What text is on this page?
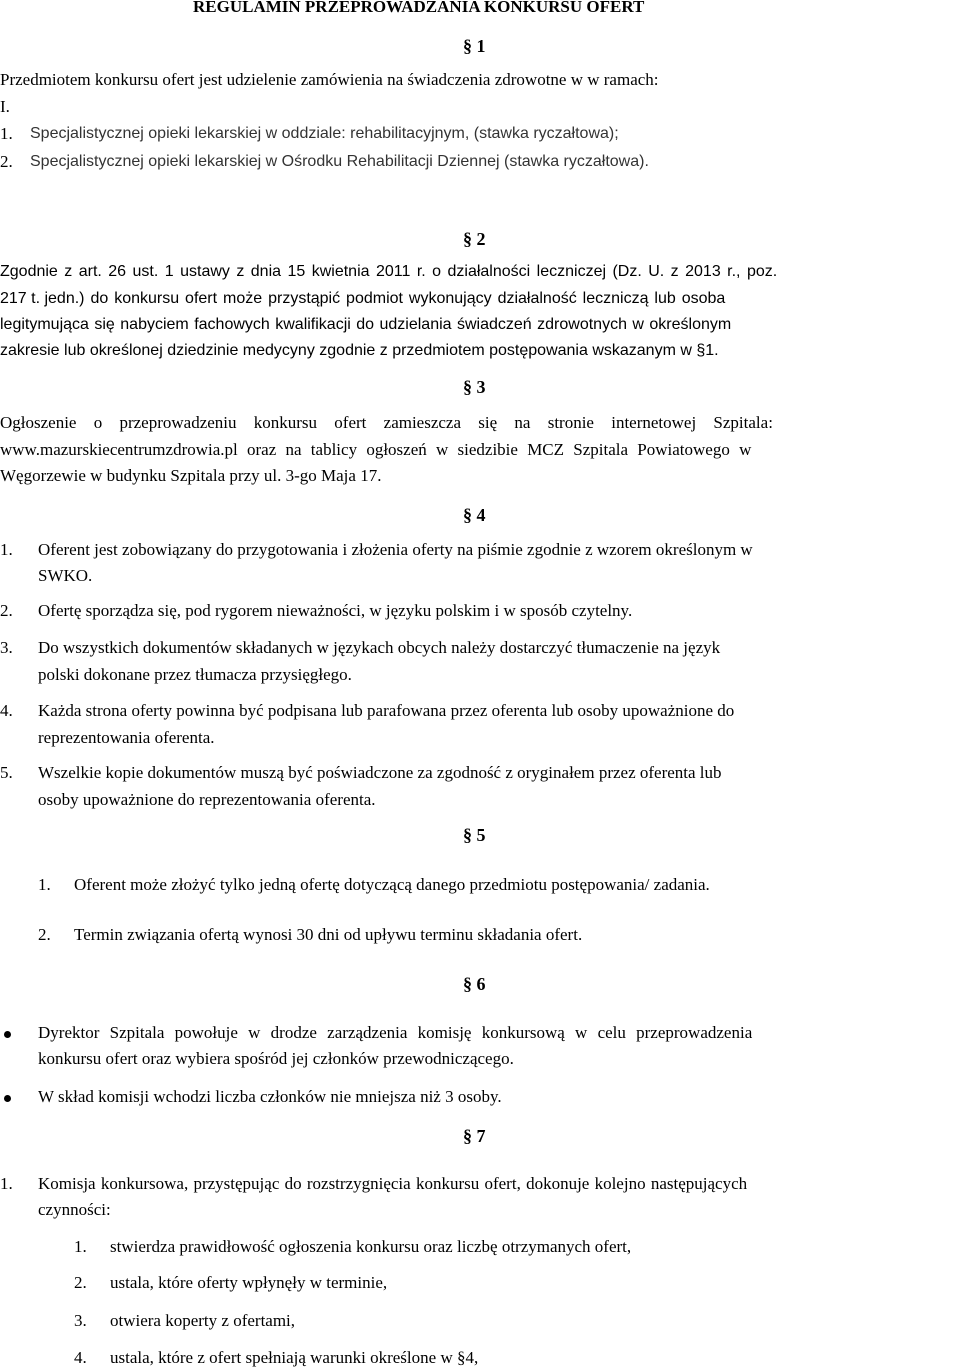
REGULAMIN PRZEPROWADZANIA KONKURSU OFERT
§ 1
Przedmiotem konkursu ofert jest udzielenie zamówienia na świadczenia zdrowotne w w ramach:
I.
1. Specjalistycznej opieki lekarskiej w oddziale: rehabilitacyjnym, (stawka ryczałtowa);
2. Specjalistycznej opieki lekarskiej w Ośrodku Rehabilitacji Dziennej (stawka ryczałtowa).
§ 2
Zgodnie z art. 26 ust. 1 ustawy z dnia 15 kwietnia 2011 r. o działalności leczniczej (Dz. U. z 2013 r., poz.
217 t. jedn.) do konkursu ofert może przystąpić podmiot wykonujący działalność leczniczą lub osoba
legitymująca się nabyciem fachowych kwalifikacji do udzielania świadczeń zdrowotnych w określonym
zakresie lub określonej dziedzinie medycyny zgodnie z przedmiotem postępowania wskazanym w §1.
§ 3
Ogłoszenie o przeprowadzeniu konkursu ofert zamieszcza się na stronie internetowej Szpitala:
www.mazurskiecentrumzdrowia.pl oraz na tablicy ogłoszeń w siedzibie MCZ Szpitala Powiatowego w
Węgorzewie w budynku Szpitala przy ul. 3-go Maja 17.
§ 4
1. Oferent jest zobowiązany do przygotowania i złożenia oferty na piśmie zgodnie z wzorem określonym w
SWKO.
2. Ofertę sporządza się, pod rygorem nieważności, w języku polskim i w sposób czytelny.
3. Do wszystkich dokumentów składanych w językach obcych należy dostarczyć tłumaczenie na język
polski dokonane przez tłumacza przysięgłego.
4. Każda strona oferty powinna być podpisana lub parafowana przez oferenta lub osoby upoważnione do
reprezentowania oferenta.
5. Wszelkie kopie dokumentów muszą być poświadczone za zgodność z oryginałem przez oferenta lub
osoby upoważnione do reprezentowania oferenta.
§ 5
1. Oferent może złożyć tylko jedną ofertę dotyczącą danego przedmiotu postępowania/ zadania.
2. Termin związania ofertą wynosi 30 dni od upływu terminu składania ofert.
§ 6
Dyrektor Szpitala powołuje w drodze zarządzenia komisję konkursową w celu przeprowadzenia
konkursu ofert oraz wybiera spośród jej członków przewodniczącego.
W skład komisji wchodzi liczba członków nie mniejsza niż 3 osoby.
§ 7
1. Komisja konkursowa, przystępując do rozstrzygnięcia konkursu ofert, dokonuje kolejno następujących
czynności:
1. stwierdza prawidłowość ogłoszenia konkursu oraz liczbę otrzymanych ofert,
2. ustala, które oferty wpłynęły w terminie,
3. otwiera koperty z ofertami,
4. ustala, które z ofert spełniają warunki określone w §4,
